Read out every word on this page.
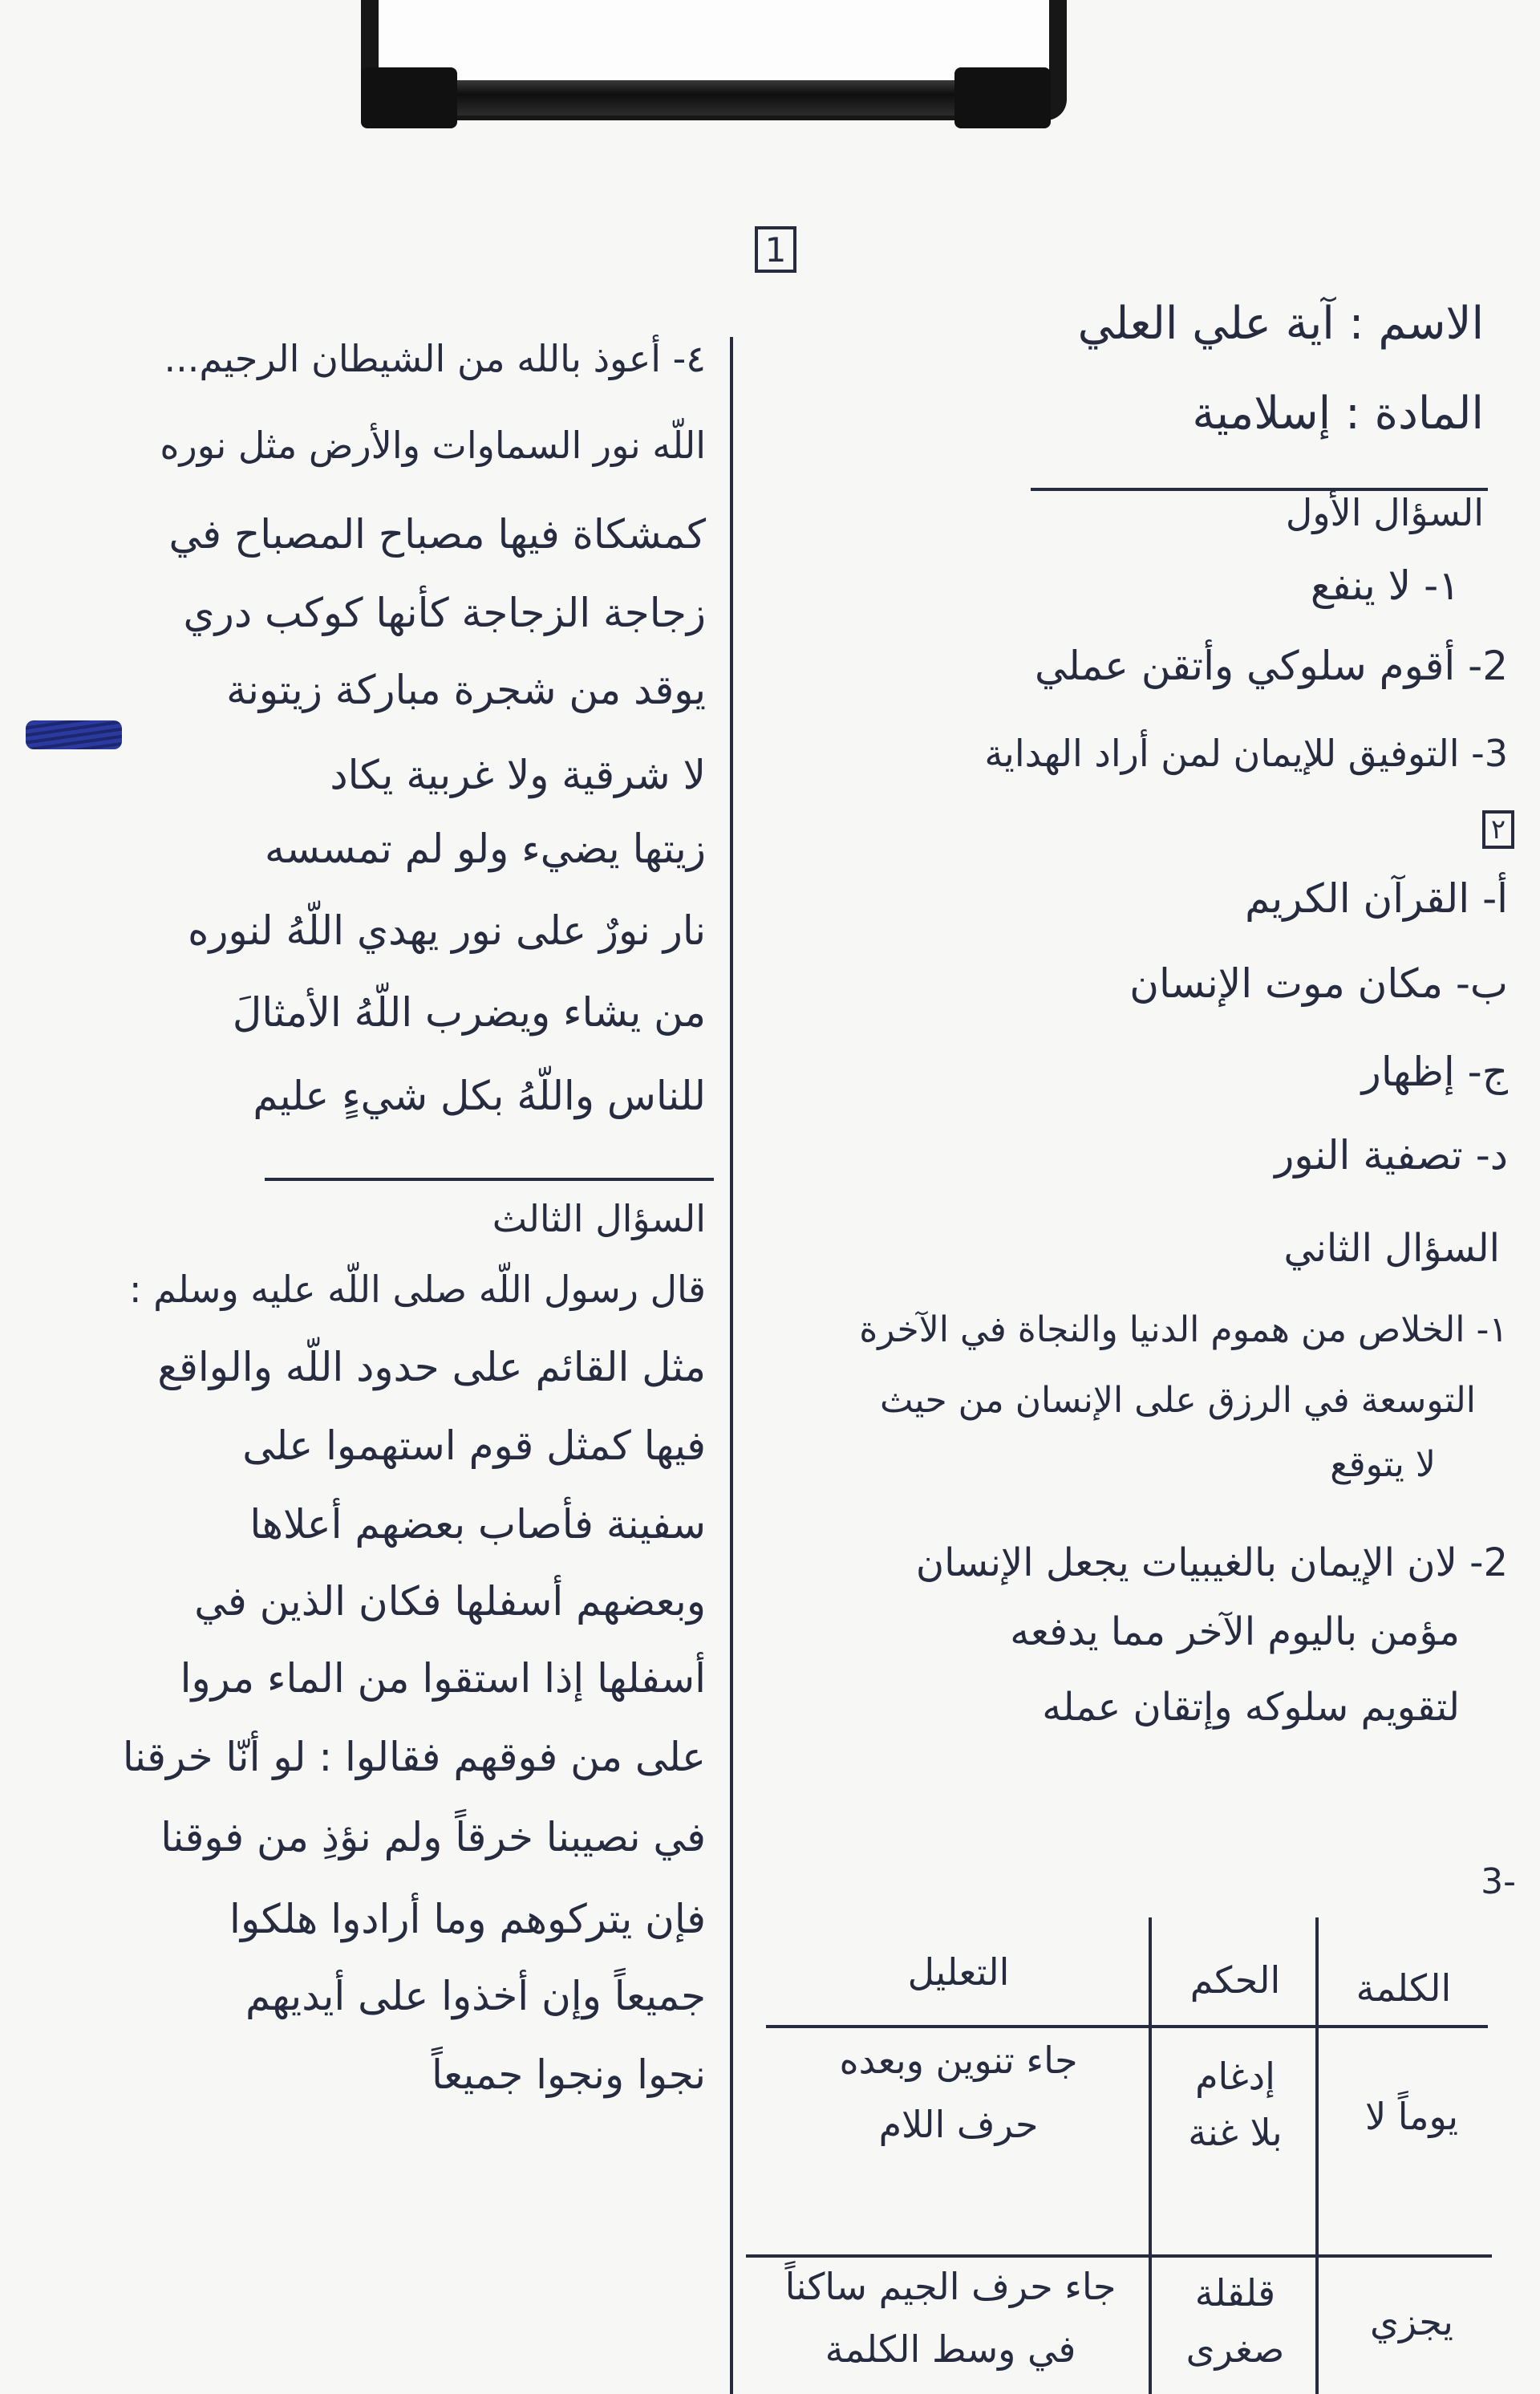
1
الاسم : آية علي العلي
المادة : إسلامية
السؤال الأول
١- لا ينفع
2- أقوم سلوكي وأتقن عملي
3- التوفيق للإيمان لمن أراد الهداية
٢
أ- القرآن الكريم
ب- مكان موت الإنسان
ج- إظهار
د- تصفية النور
السؤال الثاني
١- الخلاص من هموم الدنيا والنجاة في الآخرة
التوسعة في الرزق على الإنسان من حيث
لا يتوقع
2- لان الإيمان بالغيبيات يجعل الإنسان
مؤمن باليوم الآخر مما يدفعه
لتقويم سلوكه وإتقان عمله
-3
الكلمة
الحكم
التعليل
يوماً لا
إدغام
بلا غنة
جاء تنوين وبعده
حرف اللام
يجزي
قلقلة
صغرى
جاء حرف الجيم ساكناً
في وسط الكلمة
٤- أعوذ بالله من الشيطان الرجيم...
اللّه نور السماوات والأرض مثل نوره
كمشكاة فيها مصباح المصباح في
زجاجة الزجاجة كأنها كوكب دري
يوقد من شجرة مباركة زيتونة
لا شرقية ولا غربية يكاد
زيتها يضيء ولو لم تمسسه
نار نورٌ على نور يهدي اللّهُ لنوره
من يشاء ويضرب اللّهُ الأمثالَ
للناس واللّهُ بكل شيءٍ عليم
السؤال الثالث
قال رسول اللّه صلى اللّه عليه وسلم :
مثل القائم على حدود اللّه والواقع
فيها كمثل قوم استهموا على
سفينة فأصاب بعضهم أعلاها
وبعضهم أسفلها فكان الذين في
أسفلها إذا استقوا من الماء مروا
على من فوقهم فقالوا : لو أنّا خرقنا
في نصيبنا خرقاً ولم نؤذِ من فوقنا
فإن يتركوهم وما أرادوا هلكوا
جميعاً وإن أخذوا على أيديهم
نجوا ونجوا جميعاً
